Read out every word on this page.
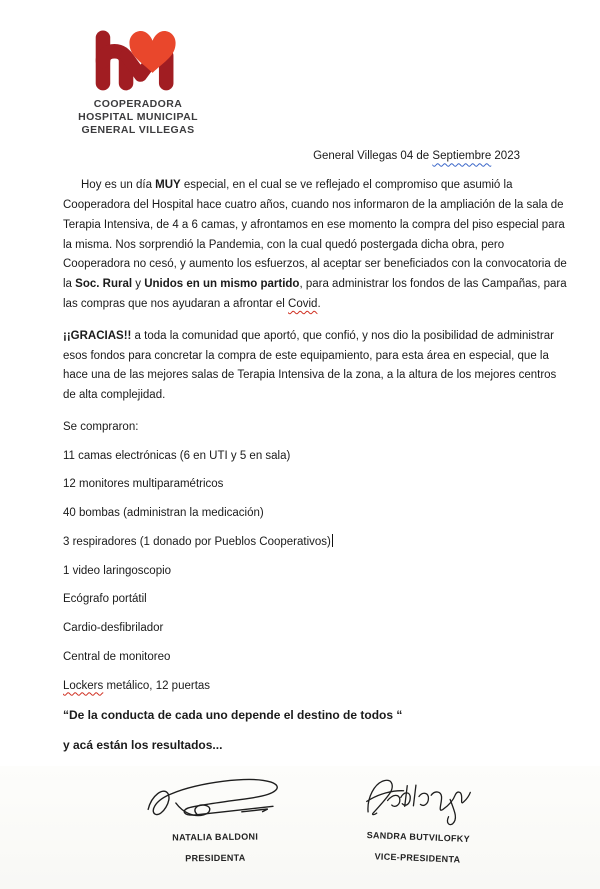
COOPERADORA
HOSPITAL MUNICIPAL
GENERAL VILLEGAS
General Villegas 04 de Septiembre 2023

Hoy es un día MUY especial, en el cual se ve reflejado el compromiso que asumió la Cooperadora del Hospital hace cuatro años, cuando nos informaron de la ampliación de la sala de Terapia Intensiva, de 4 a 6 camas, y afrontamos en ese momento la compra del piso especial para la misma. Nos sorprendió la Pandemia, con la cual quedó postergada dicha obra, pero Cooperadora no cesó, y aumento los esfuerzos, al aceptar ser beneficiados con la convocatoria de la Soc. Rural y Unidos en un mismo partido, para administrar los fondos de las Campañas, para las compras que nos ayudaran a afrontar el Covid.

¡¡GRACIAS!! a toda la comunidad que aportó, que confió, y nos dio la posibilidad de administrar esos fondos para concretar la compra de este equipamiento, para esta área en especial, que la hace una de las mejores salas de Terapia Intensiva de la zona, a la altura de los mejores centros de alta complejidad.

Se compraron:

11 camas electrónicas (6 en UTI y 5 en sala)

12 monitores multiparamétricos

40 bombas (administran la medicación)

3 respiradores (1 donado por Pueblos Cooperativos)

1 video laringoscopio

Ecógrafo portátil

Cardio-desfibrilador

Central de monitoreo

Lockers metálico, 12 puertas

“De la conducta de cada uno depende el destino de todos “

y acá están los resultados...

NATALIA BALDONI
PRESIDENTA
SANDRA BUTVILOFKY
VICE-PRESIDENTA
